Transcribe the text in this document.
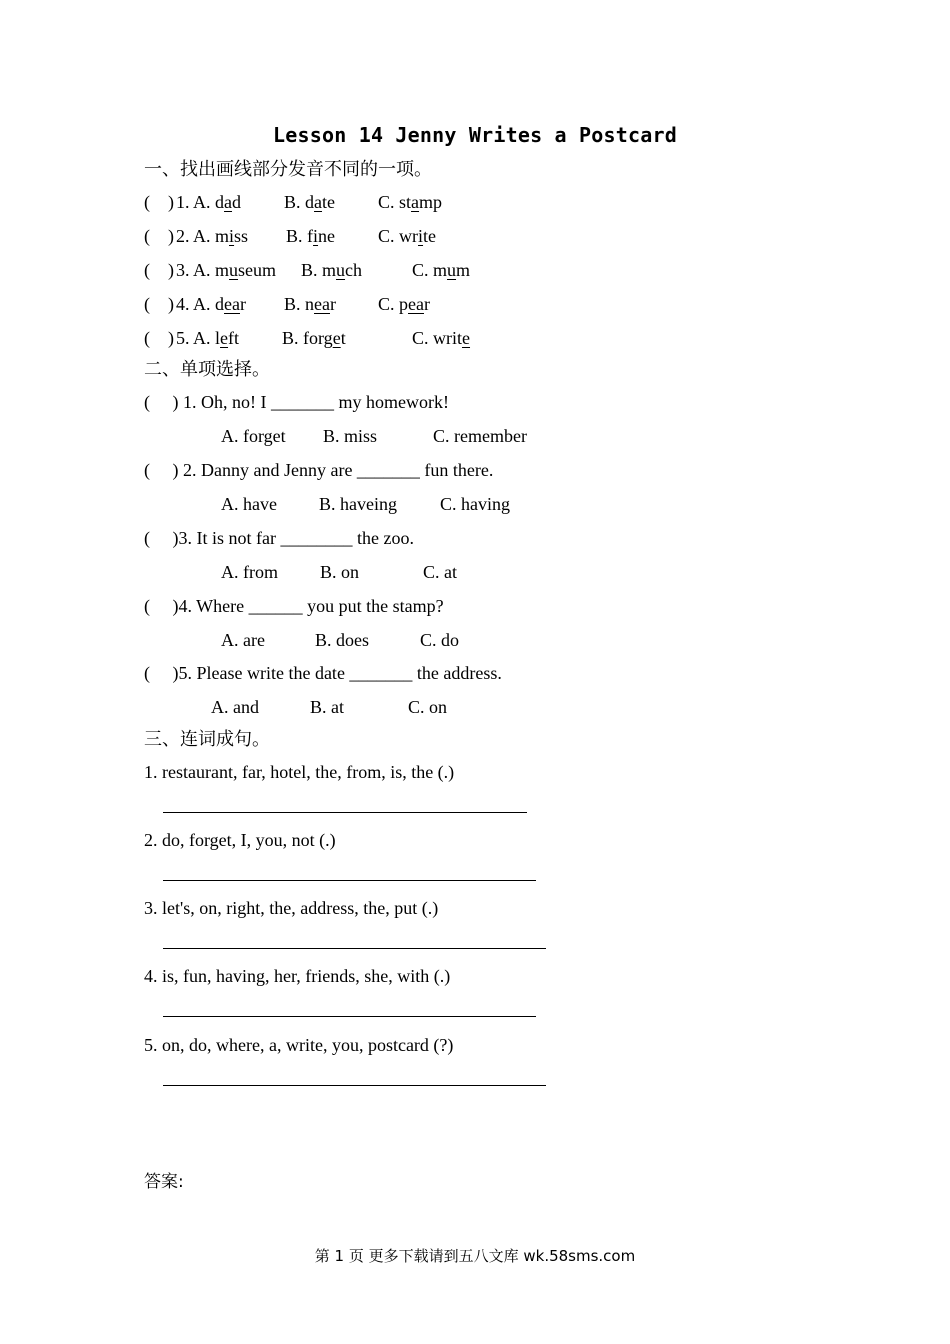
Lesson 14 Jenny Writes a Postcard
一、找出画线部分发音不同的一项。
(    ) 1. A. dad B. date C. stamp
(    ) 2. A. miss B. fine C. write
(    ) 3. A. museum B. much	C. mum
(    ) 4. A. dear B. near C. pear
(    ) 5. A. left B. forget	C. write
二、单项选择。
(     ) 1. Oh, no! I _______ my homework!
A. forget B. miss	C. remember
(     ) 2. Danny and Jenny are _______ fun there.
A. have B. haveing C. having
(     )3. It is not far ________ the zoo.
A. from B. on	C. at
(     )4. Where ______ you put the stamp?
A. are	B. does	C. do
(     )5. Please write the date _______ the address.
A. and	B. at	C. on
三、连词成句。
1. restaurant, far, hotel, the, from, is, the (.)
2. do, forget, I, you, not (.)
3. let's, on, right, the, address, the, put (.)
4. is, fun, having, her, friends, she, with (.)
5. on, do, where, a, write, you, postcard (?)
答案:
第 1 页 更多下载请到五八文库 wk.58sms.com
